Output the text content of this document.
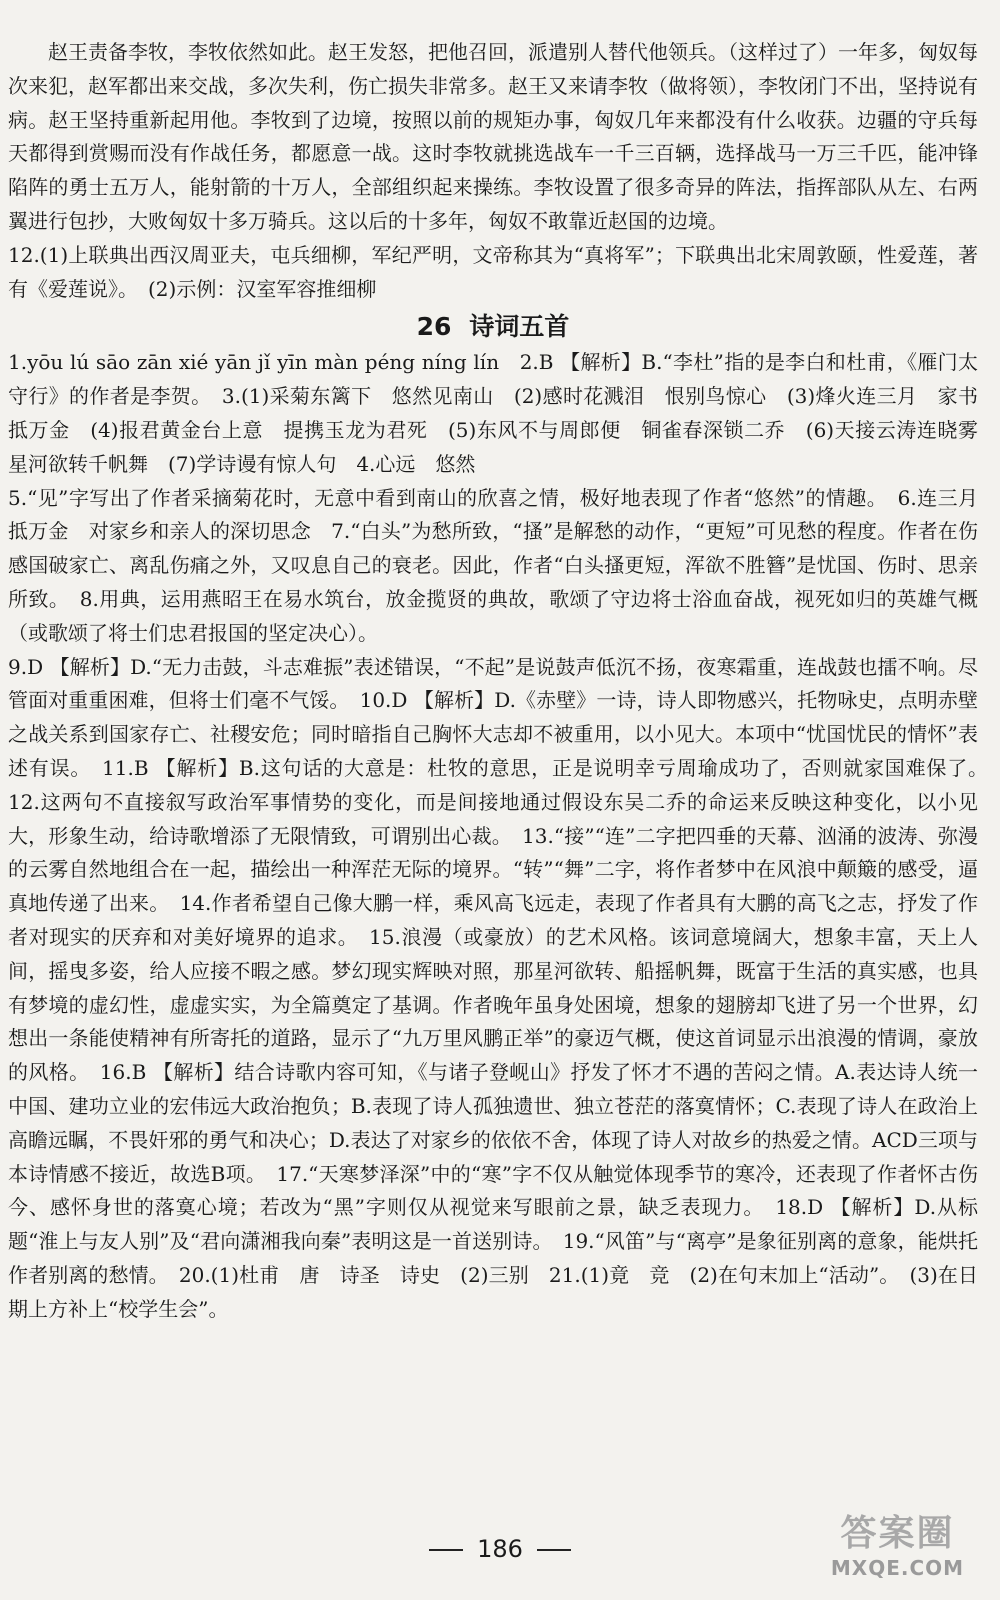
赵王责备李牧，李牧依然如此。赵王发怒，把他召回，派遣别人替代他领兵。（这样过了）一年多，匈奴每次来犯，赵军都出来交战，多次失利，伤亡损失非常多。赵王又来请李牧（做将领），李牧闭门不出，坚持说有病。赵王坚持重新起用他。李牧到了边境，按照以前的规矩办事，匈奴几年来都没有什么收获。边疆的守兵每天都得到赏赐而没有作战任务，都愿意一战。这时李牧就挑选战车一千三百辆，选择战马一万三千匹，能冲锋陷阵的勇士五万人，能射箭的十万人，全部组织起来操练。李牧设置了很多奇异的阵法，指挥部队从左、右两翼进行包抄，大败匈奴十多万骑兵。这以后的十多年，匈奴不敢靠近赵国的边境。

12.(1)上联典出西汉周亚夫，屯兵细柳，军纪严明，文帝称其为“真将军”；下联典出北宋周敦颐，性爱莲，著有《爱莲说》。　(2)示例：汉室军容推细柳

26 诗词五首

1.yōu lú sāo zān xié yān jǐ yīn màn péng níng lín　2.B 【解析】B.“李杜”指的是李白和杜甫，《雁门太守行》的作者是李贺。　3.(1)采菊东篱下　悠然见南山　(2)感时花溅泪　恨别鸟惊心　(3)烽火连三月　家书抵万金　(4)报君黄金台上意　提携玉龙为君死　(5)东风不与周郎便　铜雀春深锁二乔　(6)天接云涛连晓雾　星河欲转千帆舞　(7)学诗谩有惊人句　4.心远　悠然

5.“见”字写出了作者采摘菊花时，无意中看到南山的欣喜之情，极好地表现了作者“悠然”的情趣。　6.连三月　抵万金　对家乡和亲人的深切思念　7.“白头”为愁所致，“搔”是解愁的动作，“更短”可见愁的程度。作者在伤感国破家亡、离乱伤痛之外，又叹息自己的衰老。因此，作者“白头搔更短，浑欲不胜簪”是忧国、伤时、思亲所致。　8.用典，运用燕昭王在易水筑台，放金揽贤的典故，歌颂了守边将士浴血奋战，视死如归的英雄气概（或歌颂了将士们忠君报国的坚定决心）。

9.D 【解析】D.“无力击鼓，斗志难振”表述错误，“不起”是说鼓声低沉不扬，夜寒霜重，连战鼓也擂不响。尽管面对重重困难，但将士们毫不气馁。　10.D 【解析】D.《赤壁》一诗，诗人即物感兴，托物咏史，点明赤壁之战关系到国家存亡、社稷安危；同时暗指自己胸怀大志却不被重用，以小见大。本项中“忧国忧民的情怀”表述有误。　11.B 【解析】B.这句话的大意是：杜牧的意思，正是说明幸亏周瑜成功了，否则就家国难保了。　12.这两句不直接叙写政治军事情势的变化，而是间接地通过假设东吴二乔的命运来反映这种变化，以小见大，形象生动，给诗歌增添了无限情致，可谓别出心裁。　13.“接”“连”二字把四垂的天幕、汹涌的波涛、弥漫的云雾自然地组合在一起，描绘出一种浑茫无际的境界。“转”“舞”二字，将作者梦中在风浪中颠簸的感受，逼真地传递了出来。　14.作者希望自己像大鹏一样，乘风高飞远走，表现了作者具有大鹏的高飞之志，抒发了作者对现实的厌弃和对美好境界的追求。　15.浪漫（或豪放）的艺术风格。该词意境阔大，想象丰富，天上人间，摇曳多姿，给人应接不暇之感。梦幻现实辉映对照，那星河欲转、船摇帆舞，既富于生活的真实感，也具有梦境的虚幻性，虚虚实实，为全篇奠定了基调。作者晚年虽身处困境，想象的翅膀却飞进了另一个世界，幻想出一条能使精神有所寄托的道路，显示了“九万里风鹏正举”的豪迈气概，使这首词显示出浪漫的情调，豪放的风格。　16.B 【解析】结合诗歌内容可知，《与诸子登岘山》抒发了怀才不遇的苦闷之情。A.表达诗人统一中国、建功立业的宏伟远大政治抱负；B.表现了诗人孤独遗世、独立苍茫的落寞情怀；C.表现了诗人在政治上高瞻远瞩，不畏奸邪的勇气和决心；D.表达了对家乡的依依不舍，体现了诗人对故乡的热爱之情。ACD三项与本诗情感不接近，故选B项。　17.“天寒梦泽深”中的“寒”字不仅从触觉体现季节的寒冷，还表现了作者怀古伤今、感怀身世的落寞心境；若改为“黑”字则仅从视觉来写眼前之景，缺乏表现力。　18.D 【解析】D.从标题“淮上与友人别”及“君向潇湘我向秦”表明这是一首送别诗。　19.“风笛”与“离亭”是象征别离的意象，能烘托作者别离的愁情。　20.(1)杜甫　唐　诗圣　诗史　(2)三别　21.(1)竟　竞　(2)在句末加上“活动”。　(3)在日期上方补上“校学生会”。

186	答案圈
MXQE.COM
